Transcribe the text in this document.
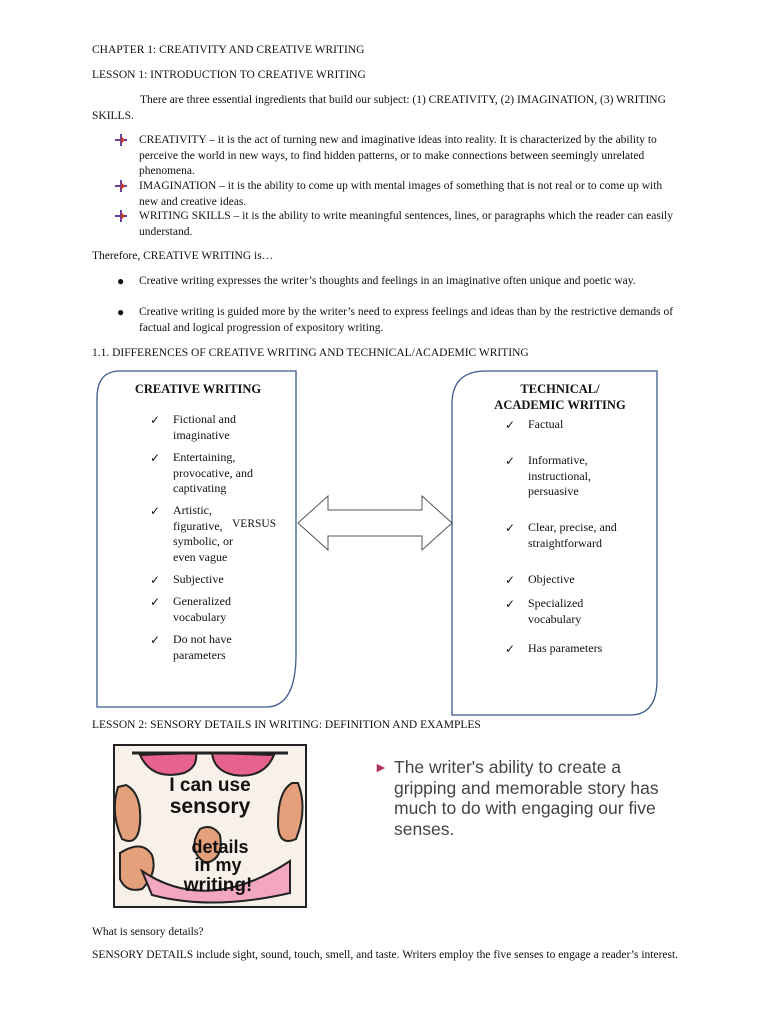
CHAPTER 1: CREATIVITY AND CREATIVE WRITING
LESSON 1: INTRODUCTION TO CREATIVE WRITING
There are three essential ingredients that build our subject: (1) CREATIVITY, (2) IMAGINATION, (3) WRITING SKILLS.
CREATIVITY – it is the act of turning new and imaginative ideas into reality. It is characterized by the ability to perceive the world in new ways, to find hidden patterns, or to make connections between seemingly unrelated phenomena.
IMAGINATION – it is the ability to come up with mental images of something that is not real or to come up with new and creative ideas.
WRITING SKILLS – it is the ability to write meaningful sentences, lines, or paragraphs which the reader can easily understand.
Therefore, CREATIVE WRITING is…
● Creative writing expresses the writer’s thoughts and feelings in an imaginative often unique and poetic way.
● Creative writing is guided more by the writer’s need to express feelings and ideas than by the restrictive demands of factual and logical progression of expository writing.
1.1. DIFFERENCES OF CREATIVE WRITING AND TECHNICAL/ACADEMIC WRITING
VERSUS
CREATIVE WRITING
✓ Fictional and imaginative
✓ Entertaining, provocative, and captivating
✓ Artistic, figurative, symbolic, or even vague
✓ Subjective
✓ Generalized vocabulary
✓ Do not have parameters
TECHNICAL/
ACADEMIC WRITING
✓ Factual
✓ Informative, instructional, persuasive
✓ Clear, precise, and straightforward
✓ Objective
✓ Specialized vocabulary
✓ Has parameters
LESSON 2: SENSORY DETAILS IN WRITING: DEFINITION AND EXAMPLES
I can use
sensory
details
in my
writing!
► The writer's ability to create a gripping and memorable story has much to do with engaging our five senses.
What is sensory details?
SENSORY DETAILS include sight, sound, touch, smell, and taste. Writers employ the five senses to engage a reader’s interest.
